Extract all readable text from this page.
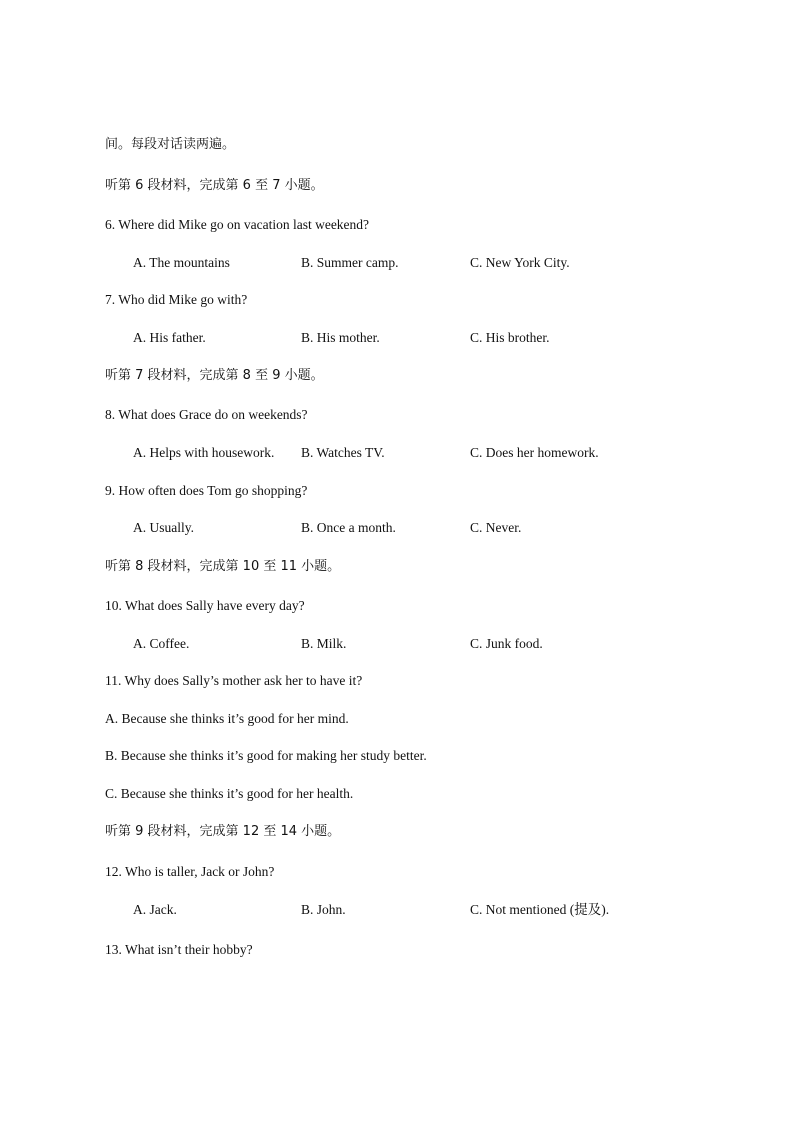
间。每段对话读两遍。
听第 6 段材料，完成第 6 至 7 小题。
6. Where did Mike go on vacation last weekend?
A. The mountains	B. Summer camp.	C. New York City.
7. Who did Mike go with?
A. His father.	B. His mother.	C. His brother.
听第 7 段材料，完成第 8 至 9 小题。
8. What does Grace do on weekends?
A. Helps with housework. B. Watches TV.	C. Does her homework.
9. How often does Tom go shopping?
A. Usually.	B. Once a month.	C. Never.
听第 8 段材料，完成第 10 至 11 小题。
10. What does Sally have every day?
A. Coffee.	B. Milk.	C. Junk food.
11. Why does Sally’s mother ask her to have it?
A. Because she thinks it’s good for her mind.
B. Because she thinks it’s good for making her study better.
C. Because she thinks it’s good for her health.
听第 9 段材料，完成第 12 至 14 小题。
12. Who is taller, Jack or John?
A. Jack.	B. John.	C. Not mentioned (提及).
13. What isn’t their hobby?
